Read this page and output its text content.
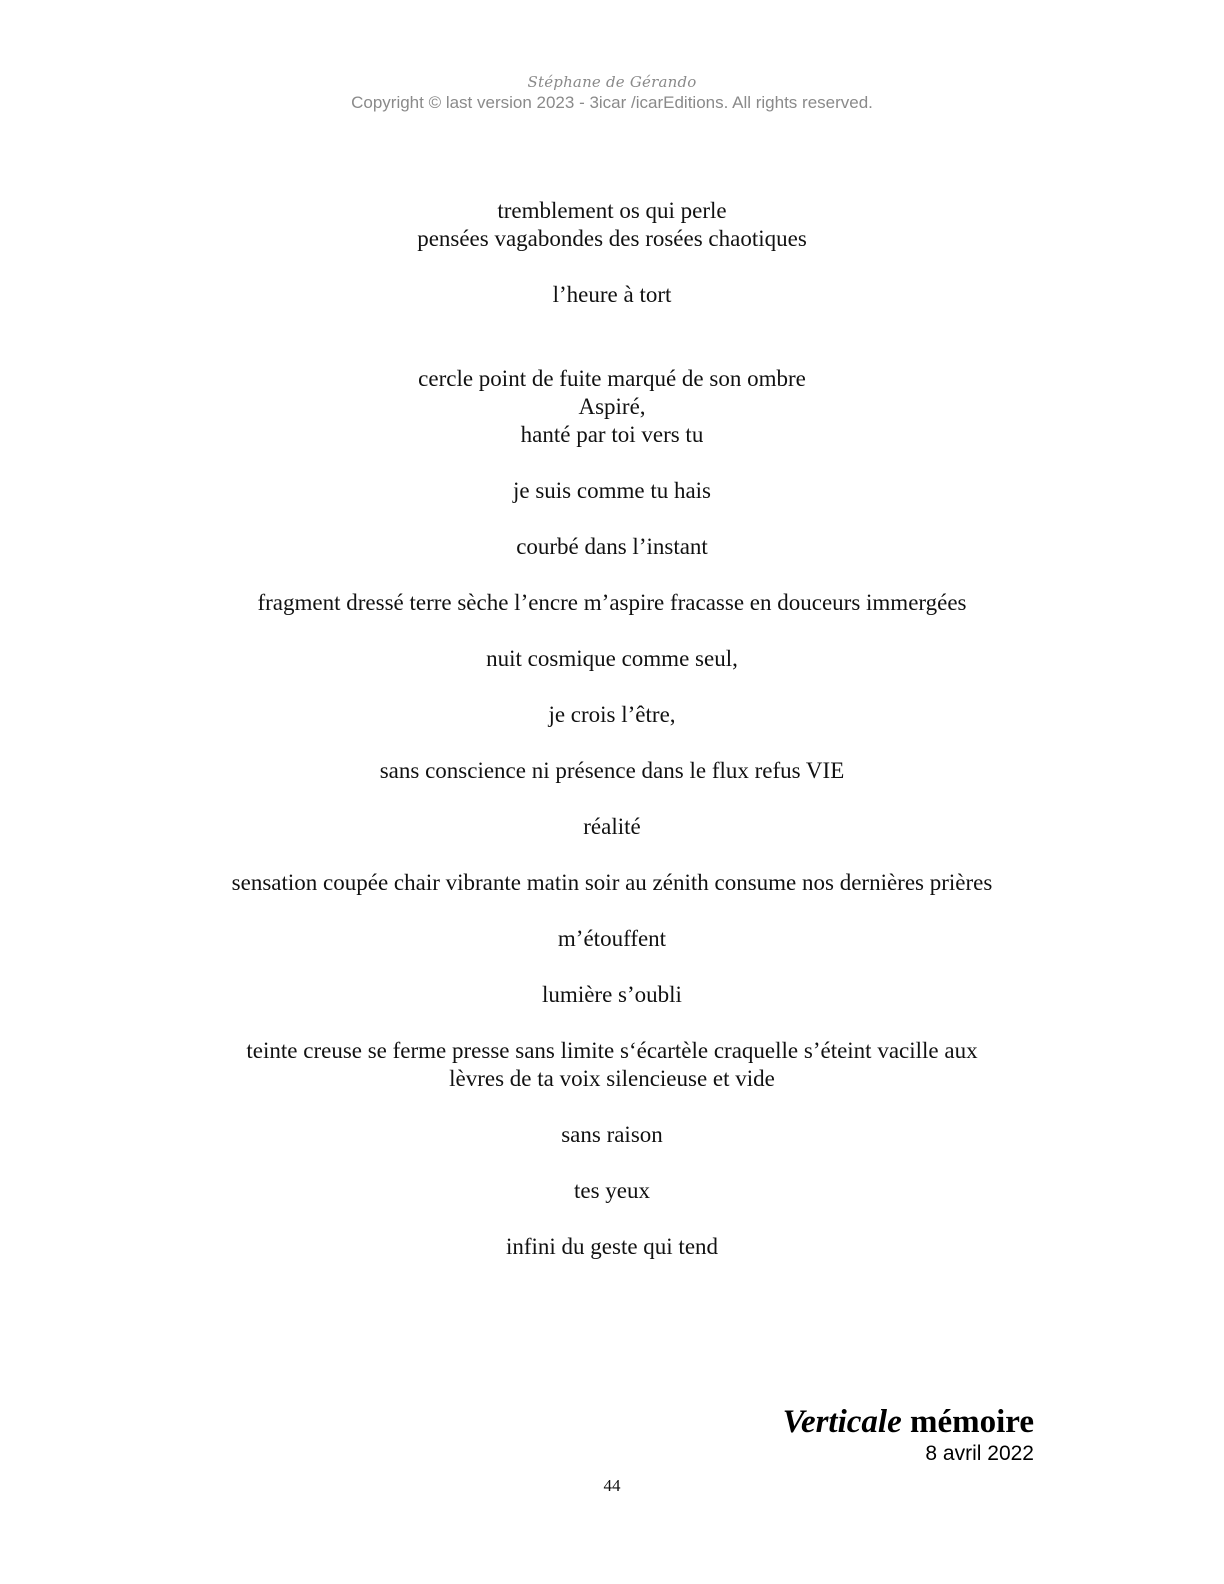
Stéphane de Gérando
Copyright © last version 2023 - 3icar /icarEditions. All rights reserved.
tremblement os qui perle
pensées vagabondes des rosées chaotiques
l’heure à tort
cercle point de fuite marqué de son ombre
Aspiré,
hanté par toi vers tu
je suis comme tu hais
courbé dans l’instant
fragment dressé terre sèche l’encre m’aspire fracasse en douceurs immergées
nuit cosmique comme seul,
je crois l’être,
sans conscience ni présence dans le flux refus VIE
réalité
sensation coupée chair vibrante matin soir au zénith consume nos dernières prières
m’étouffent
lumière s’oubli
teinte creuse se ferme presse sans limite s‘écartèle craquelle s’éteint vacille aux
lèvres de ta voix silencieuse et vide
sans raison
tes yeux
infini du geste qui tend
Verticale mémoire
8 avril 2022
44
